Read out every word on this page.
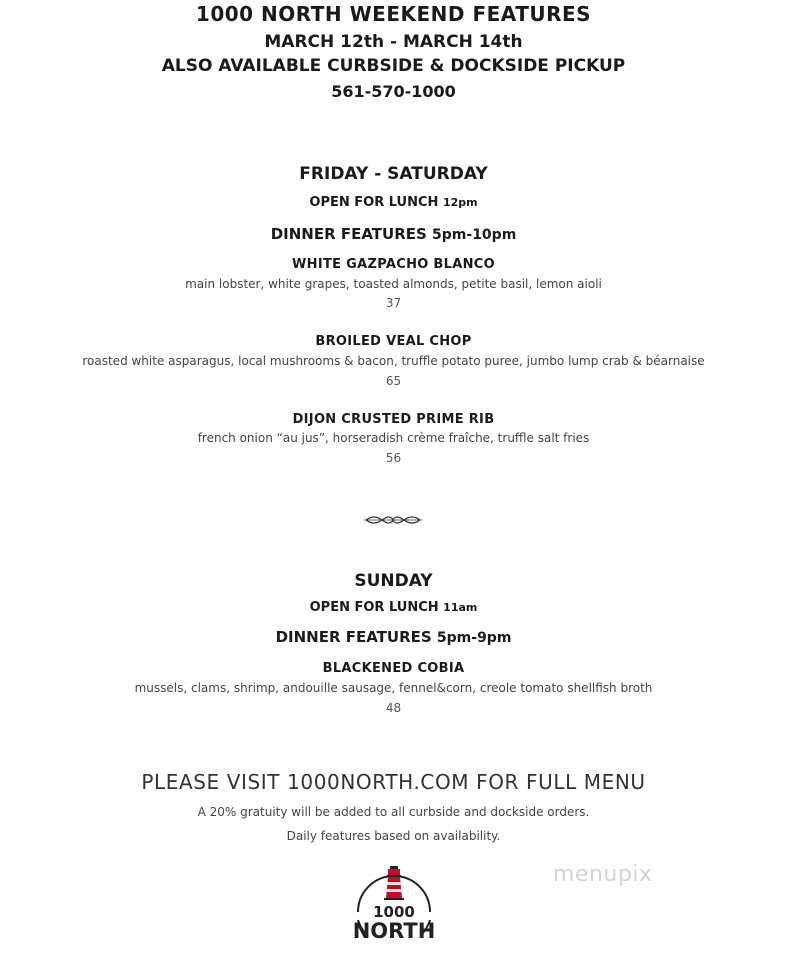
1000 NORTH WEEKEND FEATURES
MARCH 12th - MARCH 14th
ALSO AVAILABLE CURBSIDE & DOCKSIDE PICKUP
561-570-1000
FRIDAY - SATURDAY
OPEN FOR LUNCH 12pm
DINNER FEATURES 5pm-10pm
WHITE GAZPACHO BLANCO
main lobster, white grapes, toasted almonds, petite basil, lemon aioli
37
BROILED VEAL CHOP
roasted white asparagus, local mushrooms & bacon, truffle potato puree, jumbo lump crab & béarnaise
65
DIJON CRUSTED PRIME RIB
french onion “au jus”, horseradish crème fraîche, truffle salt fries
56
SUNDAY
OPEN FOR LUNCH 11am
DINNER FEATURES 5pm-9pm
BLACKENED COBIA
mussels, clams, shrimp, andouille sausage, fennel&corn, creole tomato shellfish broth
48
PLEASE VISIT 1000NORTH.COM FOR FULL MENU
A 20% gratuity will be added to all curbside and dockside orders.
Daily features based on availability.
menupix
1000
NORTH
